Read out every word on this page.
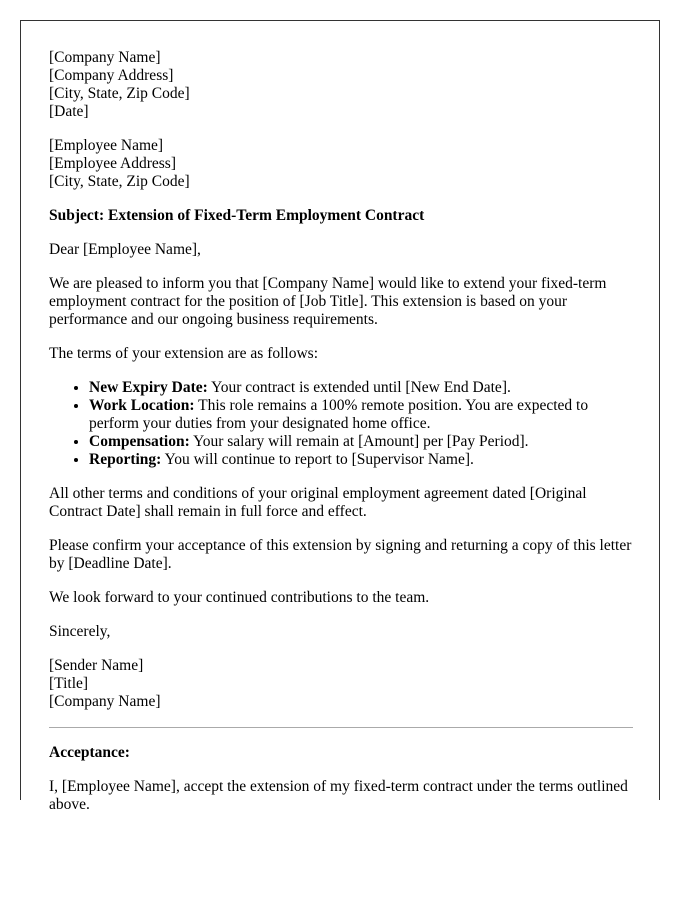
[Company Name]
[Company Address]
[City, State, Zip Code]
[Date]
[Employee Name]
[Employee Address]
[City, State, Zip Code]

Subject: Extension of Fixed-Term Employment Contract

Dear [Employee Name],

We are pleased to inform you that [Company Name] would like to extend your fixed-term employment contract for the position of [Job Title]. This extension is based on your performance and our ongoing business requirements.

The terms of your extension are as follows:

• New Expiry Date: Your contract is extended until [New End Date].
• Work Location: This role remains a 100% remote position. You are expected to perform your duties from your designated home office.
• Compensation: Your salary will remain at [Amount] per [Pay Period].
• Reporting: You will continue to report to [Supervisor Name].

All other terms and conditions of your original employment agreement dated [Original Contract Date] shall remain in full force and effect.

Please confirm your acceptance of this extension by signing and returning a copy of this letter by [Deadline Date].

We look forward to your continued contributions to the team.

Sincerely,

[Sender Name]
[Title]
[Company Name]

Acceptance:

I, [Employee Name], accept the extension of my fixed-term contract under the terms outlined above.
